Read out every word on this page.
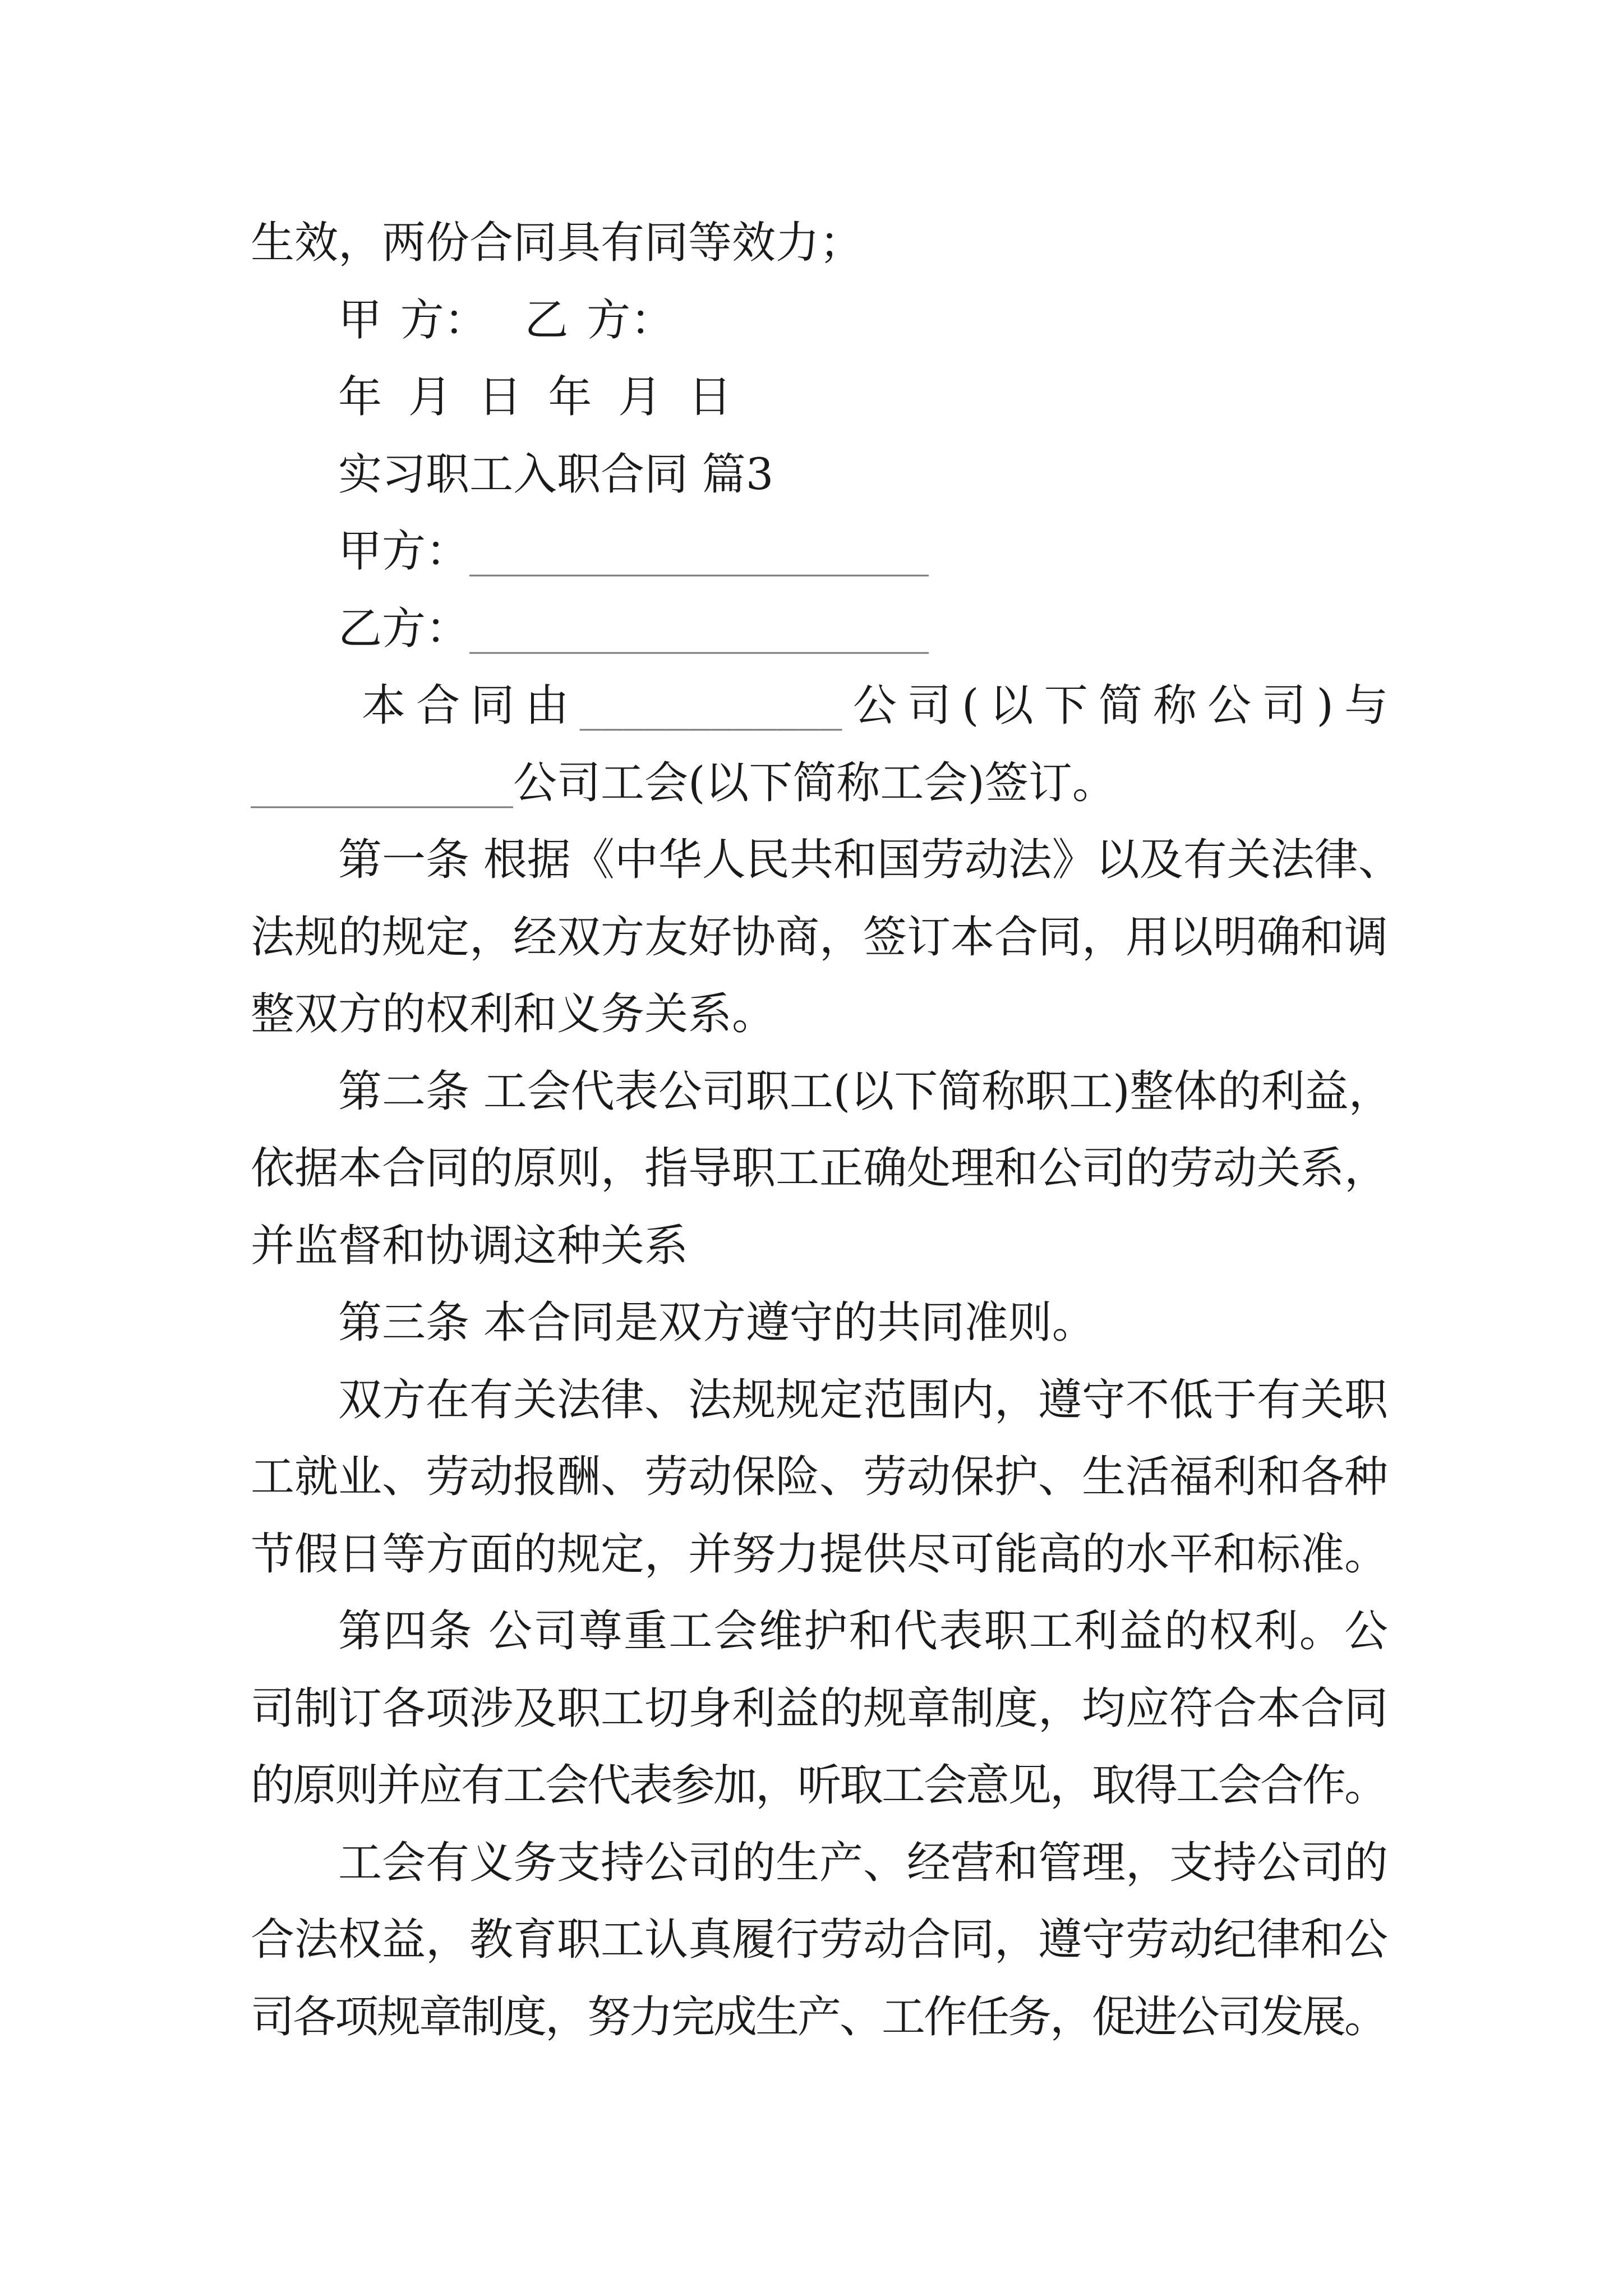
生效，两份合同具有同等效力；
甲 方：  乙 方：
年 月 日 年 月 日
实习职工入职合同 篇3
甲方：_____________________
乙方：_____________________
本合同由____________公司(以下简称公司)与
____________公司工会(以下简称工会)签订。
第一条 根据《中华人民共和国劳动法》以及有关法律、
法规的规定，经双方友好协商，签订本合同，用以明确和调
整双方的权利和义务关系。
第二条 工会代表公司职工(以下简称职工)整体的利益，
依据本合同的原则，指导职工正确处理和公司的劳动关系，
并监督和协调这种关系
第三条 本合同是双方遵守的共同准则。
双方在有关法律、法规规定范围内，遵守不低于有关职
工就业、劳动报酬、劳动保险、劳动保护、生活福利和各种
节假日等方面的规定，并努力提供尽可能高的水平和标准。
第四条 公司尊重工会维护和代表职工利益的权利。公
司制订各项涉及职工切身利益的规章制度，均应符合本合同
的原则并应有工会代表参加，听取工会意见，取得工会合作。
工会有义务支持公司的生产、经营和管理，支持公司的
合法权益，教育职工认真履行劳动合同，遵守劳动纪律和公
司各项规章制度，努力完成生产、工作任务，促进公司发展。
